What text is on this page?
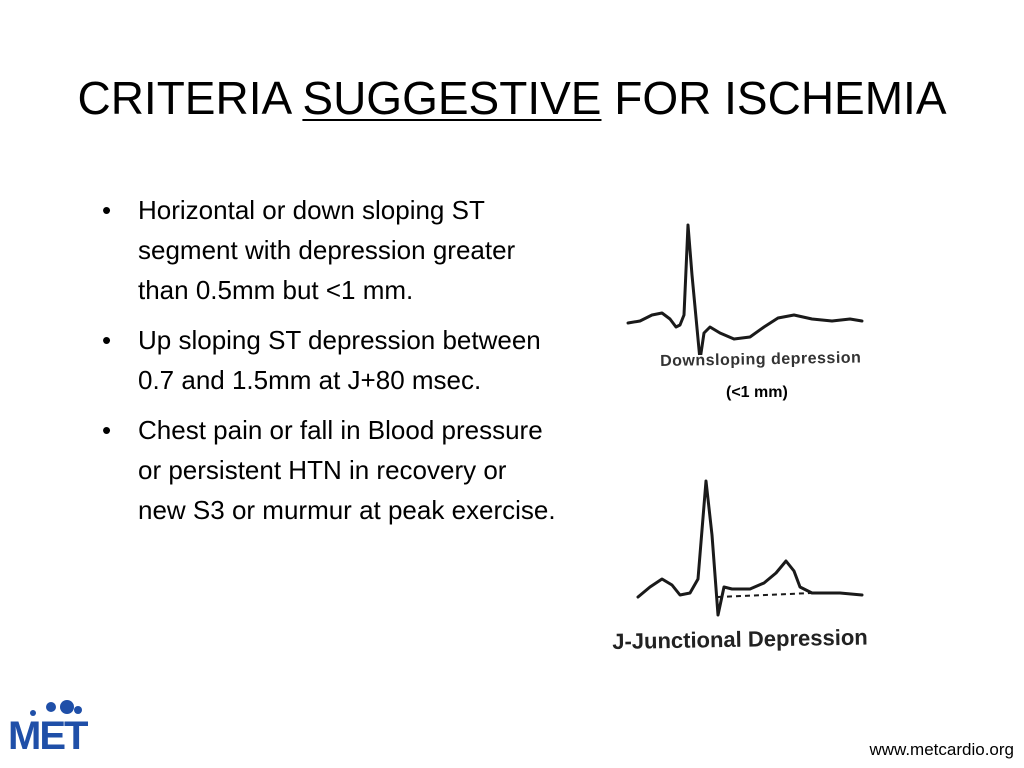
CRITERIA SUGGESTIVE FOR ISCHEMIA
• Horizontal or down sloping ST segment with depression greater than 0.5mm but <1 mm.
• Up sloping ST depression between 0.7 and 1.5mm at J+80 msec.
• Chest pain or fall in Blood pressure or persistent HTN in recovery or new S3 or murmur at peak exercise.
Downsloping depression
(<1 mm)
J-Junctional Depression
MET	www.metcardio.org
